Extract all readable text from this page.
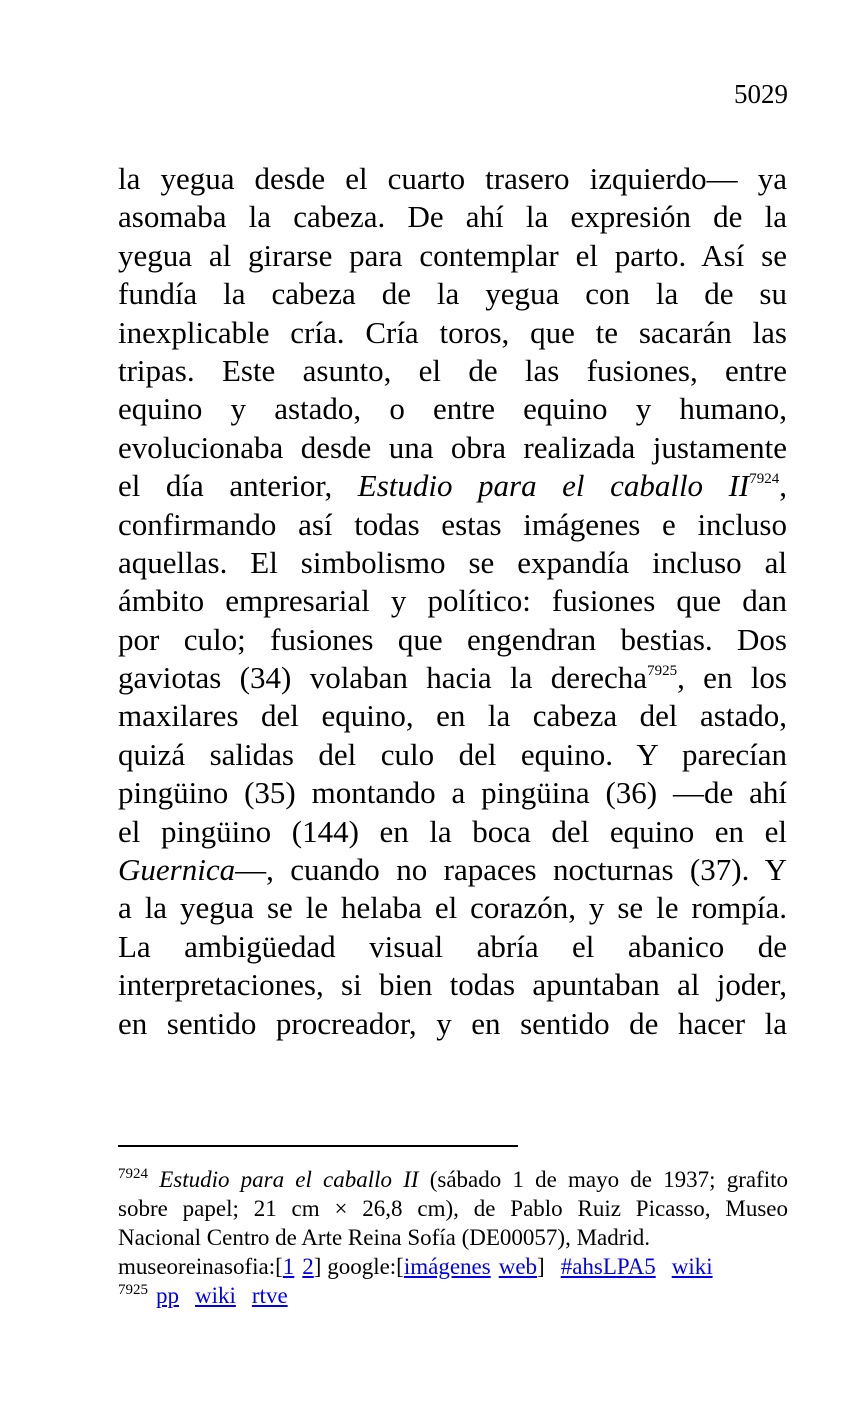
5029
la yegua desde el cuarto trasero izquierdo— ya
asomaba la cabeza. De ahí la expresión de la
yegua al girarse para contemplar el parto. Así se
fundía la cabeza de la yegua con la de su
inexplicable cría. Cría toros, que te sacarán las
tripas. Este asunto, el de las fusiones, entre
equino y astado, o entre equino y humano,
evolucionaba desde una obra realizada justamente
el día anterior, Estudio para el caballo $II^{7924}$,
confirmando así todas estas imágenes e incluso
aquellas. El simbolismo se expandía incluso al
ámbito empresarial y político: fusiones que dan
por culo; fusiones que engendran bestias. Dos
gaviotas (34) volaban hacia la derecha$^{7925}$, en los
maxilares del equino, en la cabeza del astado,
quizá salidas del culo del equino. Y parecían
pingüino (35) montando a pingüina (36) —de ahí
el pingüino (144) en la boca del equino en el
Guernica—, cuando no rapaces nocturnas (37). Y
a la yegua se le helaba el corazón, y se le rompía.
La ambigüedad visual abría el abanico de
interpretaciones, si bien todas apuntaban al joder,
en sentido procreador, y en sentido de hacer la
$^{7924}$ Estudio para el caballo II (sábado 1 de mayo de 1937; grafito
sobre papel; 21 cm × 26,8 cm), de Pablo Ruiz Picasso, Museo
Nacional Centro de Arte Reina Sofía (DE00057), Madrid.
museoreinasofia:[1 2] google:[imágenes web] #ahsLPA5 wiki
$^{7925}$ pp wiki rtve
